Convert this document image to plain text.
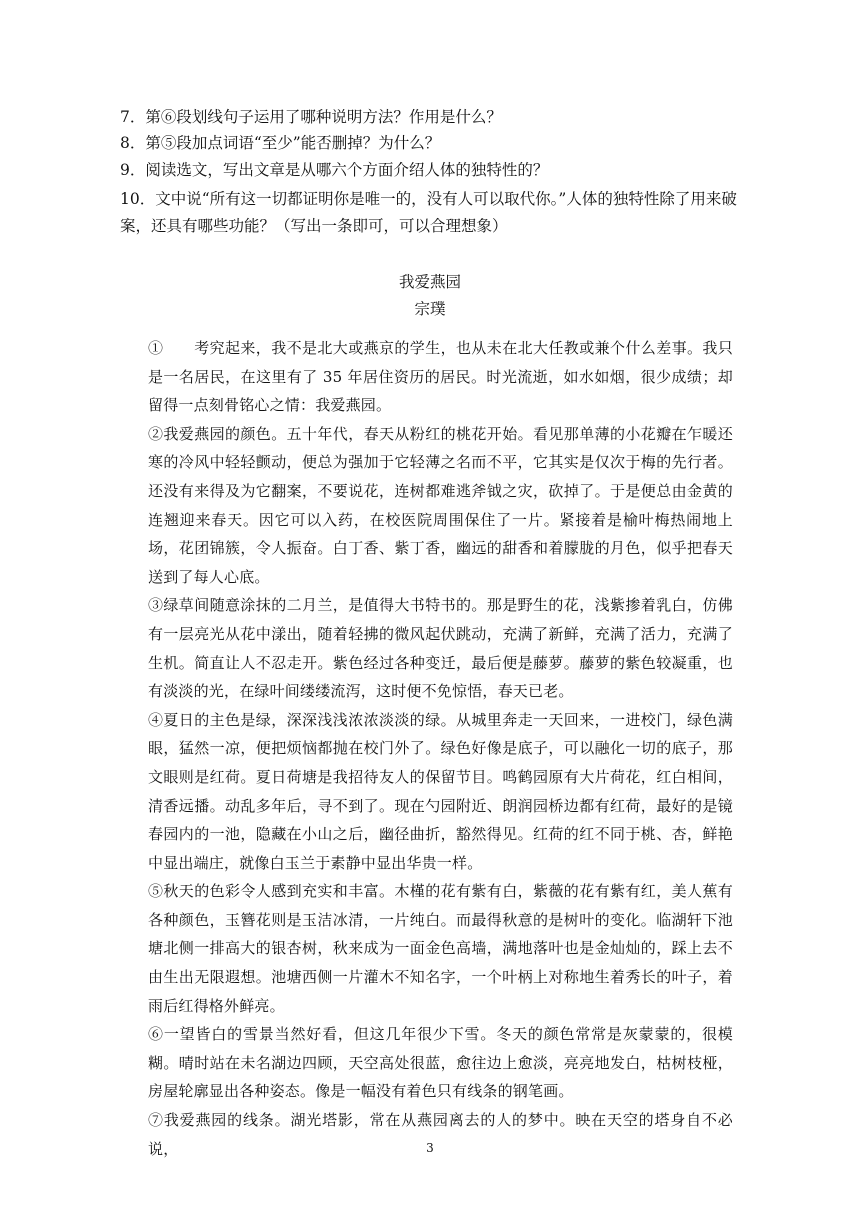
7．第⑥段划线句子运用了哪种说明方法？作用是什么？
8．第⑤段加点词语“至少”能否删掉？为什么？
9．阅读选文，写出文章是从哪六个方面介绍人体的独特性的？
10．文中说“所有这一切都证明你是唯一的，没有人可以取代你。”人体的独特性除了用来破案，还具有哪些功能？（写出一条即可，可以合理想象）
我爱燕园
宗璞

①　　考究起来，我不是北大或燕京的学生，也从未在北大任教或兼个什么差事。我只是一名居民，在这里有了 35 年居住资历的居民。时光流逝，如水如烟，很少成绩；却留得一点刻骨铭心之情：我爱燕园。

②我爱燕园的颜色。五十年代，春天从粉红的桃花开始。看见那单薄的小花瓣在乍暖还寒的冷风中轻轻颤动，便总为强加于它轻薄之名而不平，它其实是仅次于梅的先行者。还没有来得及为它翻案，不要说花，连树都难逃斧钺之灾，砍掉了。于是便总由金黄的连翘迎来春天。因它可以入药，在校医院周围保住了一片。紧接着是榆叶梅热闹地上场，花团锦簇，令人振奋。白丁香、紫丁香，幽远的甜香和着朦胧的月色，似乎把春天送到了每人心底。

③绿草间随意涂抹的二月兰，是值得大书特书的。那是野生的花，浅紫掺着乳白，仿佛有一层亮光从花中漾出，随着轻拂的微风起伏跳动，充满了新鲜，充满了活力，充满了生机。简直让人不忍走开。紫色经过各种变迁，最后便是藤萝。藤萝的紫色较凝重，也有淡淡的光，在绿叶间缕缕流泻，这时便不免惊悟，春天已老。

④夏日的主色是绿，深深浅浅浓浓淡淡的绿。从城里奔走一天回来，一进校门，绿色满眼，猛然一凉，便把烦恼都抛在校门外了。绿色好像是底子，可以融化一切的底子，那文眼则是红荷。夏日荷塘是我招待友人的保留节目。鸣鹤园原有大片荷花，红白相间，清香远播。动乱多年后，寻不到了。现在勺园附近、朗润园桥边都有红荷，最好的是镜春园内的一池，隐藏在小山之后，幽径曲折，豁然得见。红荷的红不同于桃、杏，鲜艳中显出端庄，就像白玉兰于素静中显出华贵一样。

⑤秋天的色彩令人感到充实和丰富。木槿的花有紫有白，紫薇的花有紫有红，美人蕉有各种颜色，玉簪花则是玉洁冰清，一片纯白。而最得秋意的是树叶的变化。临湖轩下池塘北侧一排高大的银杏树，秋来成为一面金色高墙，满地落叶也是金灿灿的，踩上去不由生出无限遐想。池塘西侧一片灌木不知名字，一个叶柄上对称地生着秀长的叶子，着雨后红得格外鲜亮。

⑥一望皆白的雪景当然好看，但这几年很少下雪。冬天的颜色常常是灰蒙蒙的，很模糊。晴时站在未名湖边四顾，天空高处很蓝，愈往边上愈淡，亮亮地发白，枯树枝桠，房屋轮廓显出各种姿态。像是一幅没有着色只有线条的钢笔画。

⑦我爱燕园的线条。湖光塔影，常在从燕园离去的人的梦中。映在天空的塔身自不必说，	3
